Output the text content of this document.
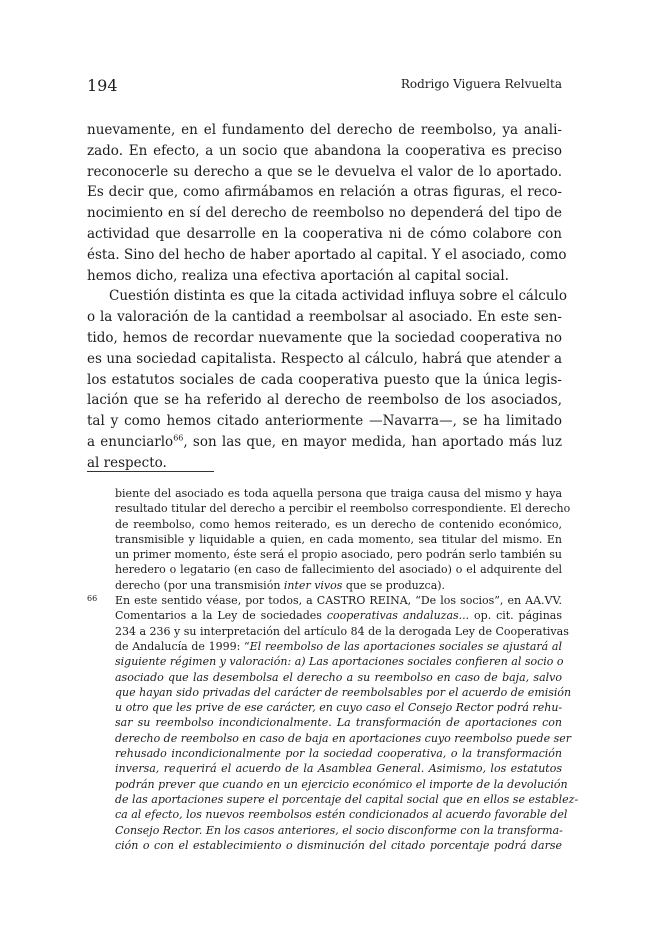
194	Rodrigo Viguera Relvuelta

nuevamente, en el fundamento del derecho de reembolso, ya anali-
zado. En efecto, a un socio que abandona la cooperativa es preciso
reconocerle su derecho a que se le devuelva el valor de lo aportado.
Es decir que, como afirmábamos en relación a otras figuras, el reco-
nocimiento en sí del derecho de reembolso no dependerá del tipo de
actividad que desarrolle en la cooperativa ni de cómo colabore con
ésta. Sino del hecho de haber aportado al capital. Y el asociado, como
hemos dicho, realiza una efectiva aportación al capital social.

Cuestión distinta es que la citada actividad influya sobre el cálculo
o la valoración de la cantidad a reembolsar al asociado. En este sen-
tido, hemos de recordar nuevamente que la sociedad cooperativa no
es una sociedad capitalista. Respecto al cálculo, habrá que atender a
los estatutos sociales de cada cooperativa puesto que la única legis-
lación que se ha referido al derecho de reembolso de los asociados,
tal y como hemos citado anteriormente —Navarra—, se ha limitado
a enunciarlo$^{66}$, son las que, en mayor medida, han aportado más luz
al respecto.

biente del asociado es toda aquella persona que traiga causa del mismo y haya
resultado titular del derecho a percibir el reembolso correspondiente. El derecho
de reembolso, como hemos reiterado, es un derecho de contenido económico,
transmisible y liquidable a quien, en cada momento, sea titular del mismo. En
un primer momento, éste será el propio asociado, pero podrán serlo también su
heredero o legatario (en caso de fallecimiento del asociado) o el adquirente del
derecho (por una transmisión inter vivos que se produzca).
66 En este sentido véase, por todos, a CASTRO REINA, “De los socios”, en AA.VV.
Comentarios a la Ley de sociedades cooperativas andaluzas... op. cit. páginas
234 a 236 y su interpretación del artículo 84 de la derogada Ley de Cooperativas
de Andalucía de 1999: “El reembolso de las aportaciones sociales se ajustará al
siguiente régimen y valoración: a) Las aportaciones sociales confieren al socio o
asociado que las desembolsa el derecho a su reembolso en caso de baja, salvo
que hayan sido privadas del carácter de reembolsables por el acuerdo de emisión
u otro que les prive de ese carácter, en cuyo caso el Consejo Rector podrá rehu-
sar su reembolso incondicionalmente. La transformación de aportaciones con
derecho de reembolso en caso de baja en aportaciones cuyo reembolso puede ser
rehusado incondicionalmente por la sociedad cooperativa, o la transformación
inversa, requerirá el acuerdo de la Asamblea General. Asimismo, los estatutos
podrán prever que cuando en un ejercicio económico el importe de la devolución
de las aportaciones supere el porcentaje del capital social que en ellos se establez-
ca al efecto, los nuevos reembolsos estén condicionados al acuerdo favorable del
Consejo Rector. En los casos anteriores, el socio disconforme con la transforma-
ción o con el establecimiento o disminución del citado porcentaje podrá darse
